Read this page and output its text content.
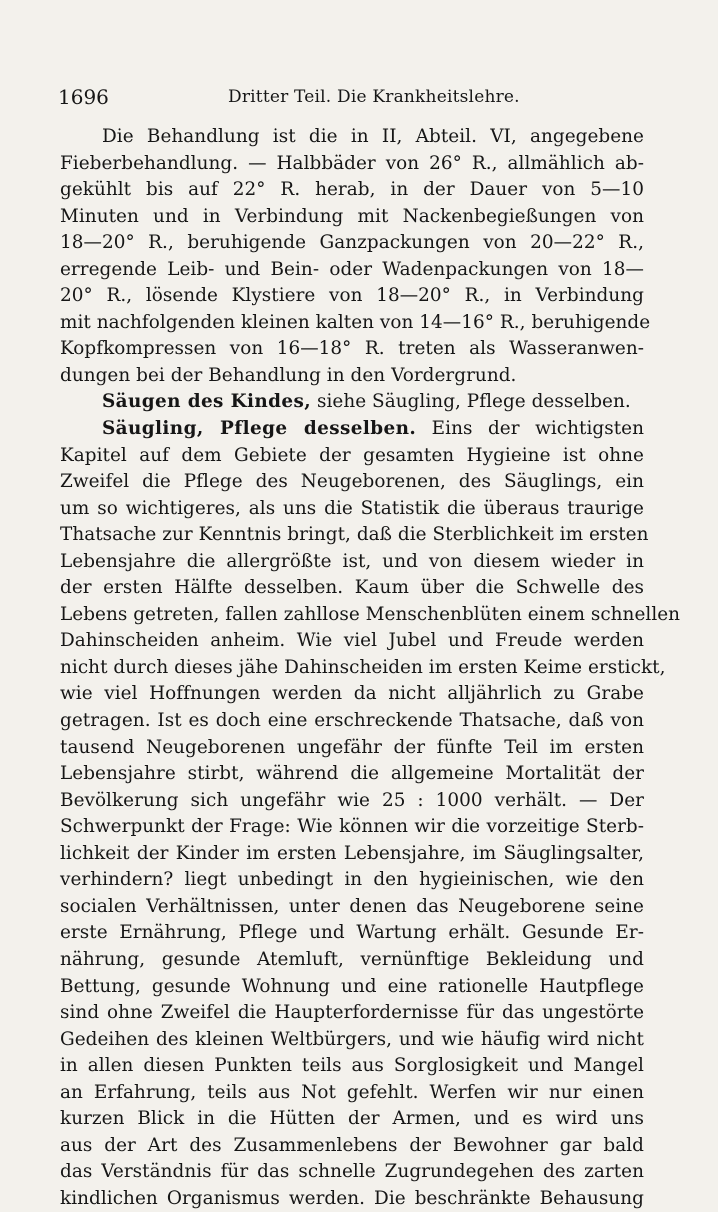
1696	Dritter Teil. Die Krankheitslehre.
Die Behandlung ist die in II, Abteil. VI, angegebene
Fieberbehandlung. — Halbbäder von 26° R., allmählich ab-
gekühlt bis auf 22° R. herab, in der Dauer von 5—10
Minuten und in Verbindung mit Nackenbegießungen von
18—20° R., beruhigende Ganzpackungen von 20—22° R.,
erregende Leib- und Bein- oder Wadenpackungen von 18—
20° R., lösende Klystiere von 18—20° R., in Verbindung
mit nachfolgenden kleinen kalten von 14—16° R., beruhigende
Kopfkompressen von 16—18° R. treten als Wasseranwen-
dungen bei der Behandlung in den Vordergrund.
Säugen des Kindes, siehe Säugling, Pflege desselben.
Säugling, Pflege desselben. Eins der wichtigsten
Kapitel auf dem Gebiete der gesamten Hygieine ist ohne
Zweifel die Pflege des Neugeborenen, des Säuglings, ein
um so wichtigeres, als uns die Statistik die überaus traurige
Thatsache zur Kenntnis bringt, daß die Sterblichkeit im ersten
Lebensjahre die allergrößte ist, und von diesem wieder in
der ersten Hälfte desselben. Kaum über die Schwelle des
Lebens getreten, fallen zahllose Menschenblüten einem schnellen
Dahinscheiden anheim. Wie viel Jubel und Freude werden
nicht durch dieses jähe Dahinscheiden im ersten Keime erstickt,
wie viel Hoffnungen werden da nicht alljährlich zu Grabe
getragen. Ist es doch eine erschreckende Thatsache, daß von
tausend Neugeborenen ungefähr der fünfte Teil im ersten
Lebensjahre stirbt, während die allgemeine Mortalität der
Bevölkerung sich ungefähr wie 25 : 1000 verhält. — Der
Schwerpunkt der Frage: Wie können wir die vorzeitige Sterb-
lichkeit der Kinder im ersten Lebensjahre, im Säuglingsalter,
verhindern? liegt unbedingt in den hygieinischen, wie den
socialen Verhältnissen, unter denen das Neugeborene seine
erste Ernährung, Pflege und Wartung erhält. Gesunde Er-
nährung, gesunde Atemluft, vernünftige Bekleidung und
Bettung, gesunde Wohnung und eine rationelle Hautpflege
sind ohne Zweifel die Haupterfordernisse für das ungestörte
Gedeihen des kleinen Weltbürgers, und wie häufig wird nicht
in allen diesen Punkten teils aus Sorglosigkeit und Mangel
an Erfahrung, teils aus Not gefehlt. Werfen wir nur einen
kurzen Blick in die Hütten der Armen, und es wird uns
aus der Art des Zusammenlebens der Bewohner gar bald
das Verständnis für das schnelle Zugrundegehen des zarten
kindlichen Organismus werden. Die beschränkte Behausung
